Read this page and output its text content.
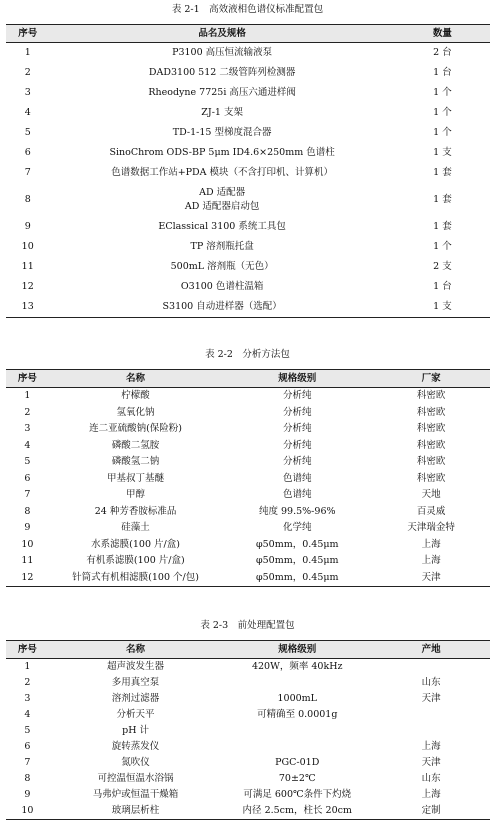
表 2-1　高效液相色谱仪标准配置包
序号	品名及规格	数量
1	P3100 高压恒流输液泵	2 台
2	DAD3100 512 二级管阵列检测器	1 台
3	Rheodyne 7725i 高压六通进样阀	1 个
4	ZJ-1 支架	1 个
5	TD-1-15 型梯度混合器	1 个
6	SinoChrom ODS-BP 5μm ID4.6×250mm 色谱柱	1 支
7	色谱数据工作站+PDA 模块（不含打印机、计算机）	1 套
8	AD 适配器
AD 适配器启动包	1 套
9	EClassical 3100 系统工具包	1 套
10	TP 溶剂瓶托盘	1 个
11	500mL 溶剂瓶（无色）	2 支
12	O3100 色谱柱温箱	1 台
13	S3100 自动进样器（选配）	1 支
表 2-2　分析方法包
序号	名称	规格级别	厂家
1	柠檬酸	分析纯	科密欧
2	氢氧化钠	分析纯	科密欧
3	连二亚硫酸钠(保险粉)	分析纯	科密欧
4	磷酸二氢胺	分析纯	科密欧
5	磷酸氢二钠	分析纯	科密欧
6	甲基叔丁基醚	色谱纯	科密欧
7	甲醇	色谱纯	天地
8	24 种芳香胺标准品	纯度 99.5%-96%	百灵威
9	硅藻土	化学纯	天津瑞金特
10	水系滤膜(100 片/盒)	φ50mm，0.45μm	上海
11	有机系滤膜(100 片/盒)	φ50mm，0.45μm	上海
12	针筒式有机相滤膜(100 个/包)	φ50mm，0.45μm	天津
表 2-3　前处理配置包
序号	名称	规格级别	产地
1	超声波发生器	420W，频率 40kHz	
2	多用真空泵		山东
3	溶剂过滤器	1000mL	天津
4	分析天平	可精确至 0.0001g	
5	pH 计		
6	旋转蒸发仪		上海
7	氮吹仪	PGC-01D	天津
8	可控温恒温水浴锅	70±2℃	山东
9	马弗炉或恒温干燥箱	可满足 600℃条件下灼烧	上海
10	玻璃层析柱	内径 2.5cm，柱长 20cm	定制
